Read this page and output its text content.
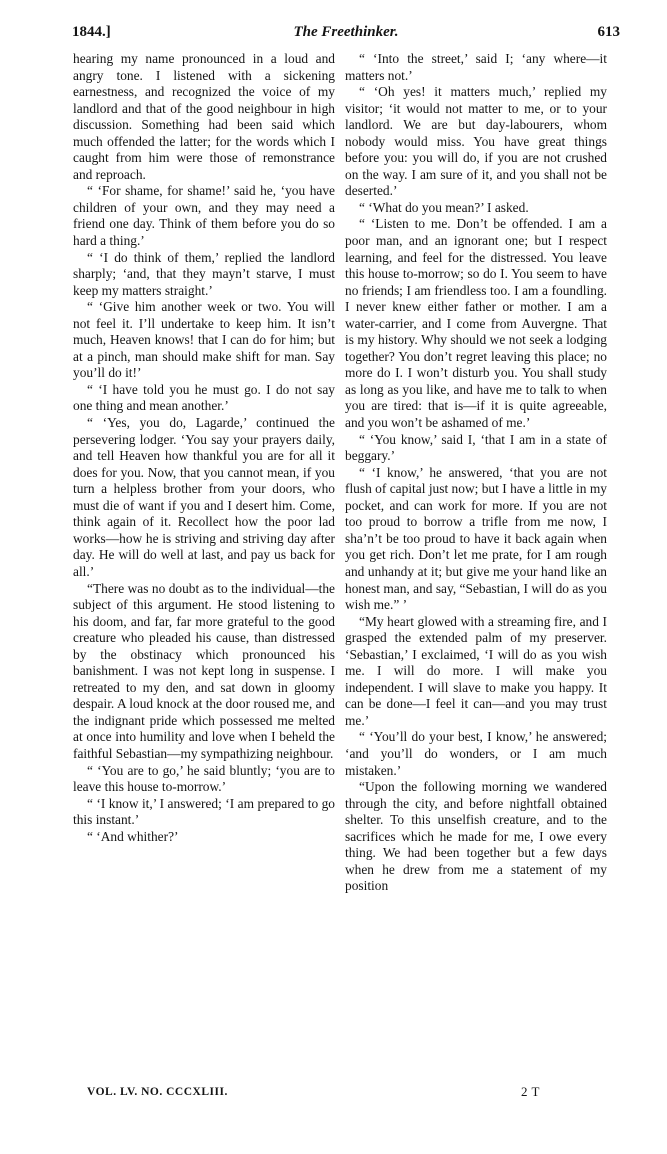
1844.]	The Freethinker.	613

hearing my name pronounced in a loud and angry tone. I listened with a sickening earnestness, and recognized the voice of my landlord and that of the good neighbour in high discussion. Something had been said which much offended the latter; for the words which I caught from him were those of remonstrance and reproach.

“ ‘For shame, for shame!’ said he, ‘you have children of your own, and they may need a friend one day. Think of them before you do so hard a thing.’

“ ‘I do think of them,’ replied the landlord sharply; ‘and, that they mayn’t starve, I must keep my matters straight.’

“ ‘Give him another week or two. You will not feel it. I’ll undertake to keep him. It isn’t much, Heaven knows! that I can do for him; but at a pinch, man should make shift for man. Say you’ll do it!’

“ ‘I have told you he must go. I do not say one thing and mean another.’

“ ‘Yes, you do, Lagarde,’ continued the persevering lodger. ‘You say your prayers daily, and tell Heaven how thankful you are for all it does for you. Now, that you cannot mean, if you turn a helpless brother from your doors, who must die of want if you and I desert him. Come, think again of it. Recollect how the poor lad works—how he is striving and striving day after day. He will do well at last, and pay us back for all.’

“There was no doubt as to the individual—the subject of this argument. He stood listening to his doom, and far, far more grateful to the good creature who pleaded his cause, than distressed by the obstinacy which pronounced his banishment. I was not kept long in suspense. I retreated to my den, and sat down in gloomy despair. A loud knock at the door roused me, and the indignant pride which possessed me melted at once into humility and love when I beheld the faithful Sebastian—my sympathizing neighbour.

“ ‘You are to go,’ he said bluntly; ‘you are to leave this house to-morrow.’

“ ‘I know it,’ I answered; ‘I am prepared to go this instant.’

“ ‘And whither?’

“ ‘Into the street,’ said I; ‘any where—it matters not.’

“ ‘Oh yes! it matters much,’ replied my visitor; ‘it would not matter to me, or to your landlord. We are but day-labourers, whom nobody would miss. You have great things before you: you will do, if you are not crushed on the way. I am sure of it, and you shall not be deserted.’

“ ‘What do you mean?’ I asked.

“ ‘Listen to me. Don’t be offended. I am a poor man, and an ignorant one; but I respect learning, and feel for the distressed. You leave this house to-morrow; so do I. You seem to have no friends; I am friendless too. I am a foundling. I never knew either father or mother. I am a water-carrier, and I come from Auvergne. That is my history. Why should we not seek a lodging together? You don’t regret leaving this place; no more do I. I won’t disturb you. You shall study as long as you like, and have me to talk to when you are tired: that is—if it is quite agreeable, and you won’t be ashamed of me.’

“ ‘You know,’ said I, ‘that I am in a state of beggary.’

“ ‘I know,’ he answered, ‘that you are not flush of capital just now; but I have a little in my pocket, and can work for more. If you are not too proud to borrow a trifle from me now, I sha’n’t be too proud to have it back again when you get rich. Don’t let me prate, for I am rough and unhandy at it; but give me your hand like an honest man, and say, “Sebastian, I will do as you wish me.” ’

“My heart glowed with a streaming fire, and I grasped the extended palm of my preserver. ‘Sebastian,’ I exclaimed, ‘I will do as you wish me. I will do more. I will make you independent. I will slave to make you happy. It can be done—I feel it can—and you may trust me.’

“ ‘You’ll do your best, I know,’ he answered; ‘and you’ll do wonders, or I am much mistaken.’

“Upon the following morning we wandered through the city, and before nightfall obtained shelter. To this unselfish creature, and to the sacrifices which he made for me, I owe every thing. We had been together but a few days when he drew from me a statement of my position

VOL. LV. NO. CCCXLIII.	2 T
